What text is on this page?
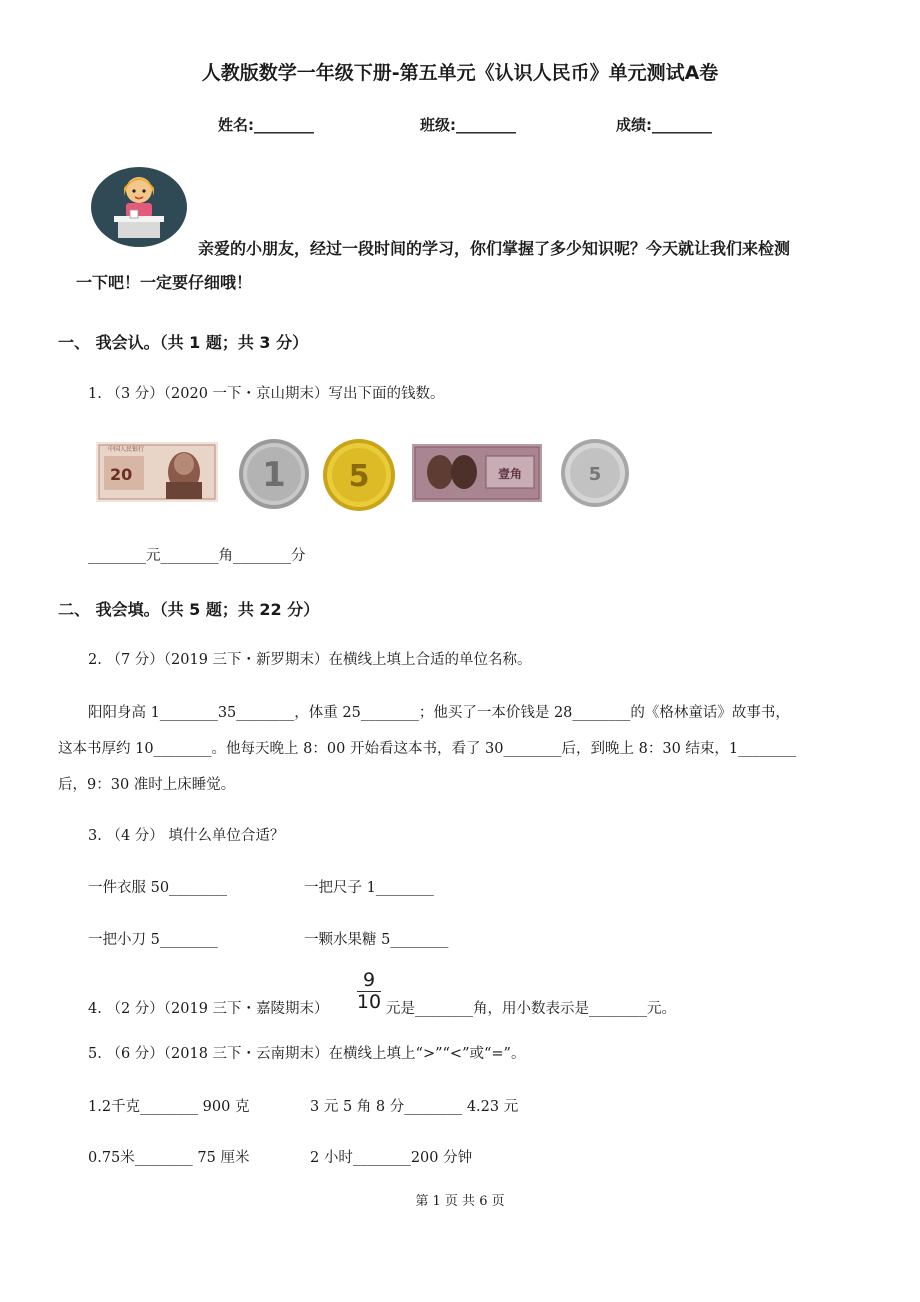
人教版数学一年级下册-第五单元《认识人民币》单元测试A卷
姓名:________	班级:________	成绩:________
亲爱的小朋友，经过一段时间的学习，你们掌握了多少知识呢？今天就让我们来检测
一下吧！一定要仔细哦！
一、 我会认。（共 1 题；共 3 分）
1. （3 分）（2020 一下・京山期末）写出下面的钱数。
中国人民银行
20	1 5	壹角	5
________元________角________分
二、 我会填。（共 5 题；共 22 分）
2. （7 分）（2019 三下・新罗期末）在横线上填上合适的单位名称。
阳阳身高 1________35________，体重 25________；他买了一本价钱是 28________的《格林童话》故事书，
这本书厚约 10________。他每天晚上 8：00 开始看这本书，看了 30________后，到晚上 8：30 结束，1________
后，9：30 准时上床睡觉。
3. （4 分） 填什么单位合适？
一件衣服 50________	一把尺子 1________
一把小刀 5________	一颗水果糖 5________
4. （2 分）（2019 三下・嘉陵期末）
9
10 元是________角，用小数表示是________元。
5. （6 分）（2018 三下・云南期末）在横线上填上“>”“<”或“=”。
1.2千克________ 900 克	3 元 5 角 8 分________ 4.23 元
0.75米________ 75 厘米	2 小时________200 分钟
第 1 页 共 6 页
